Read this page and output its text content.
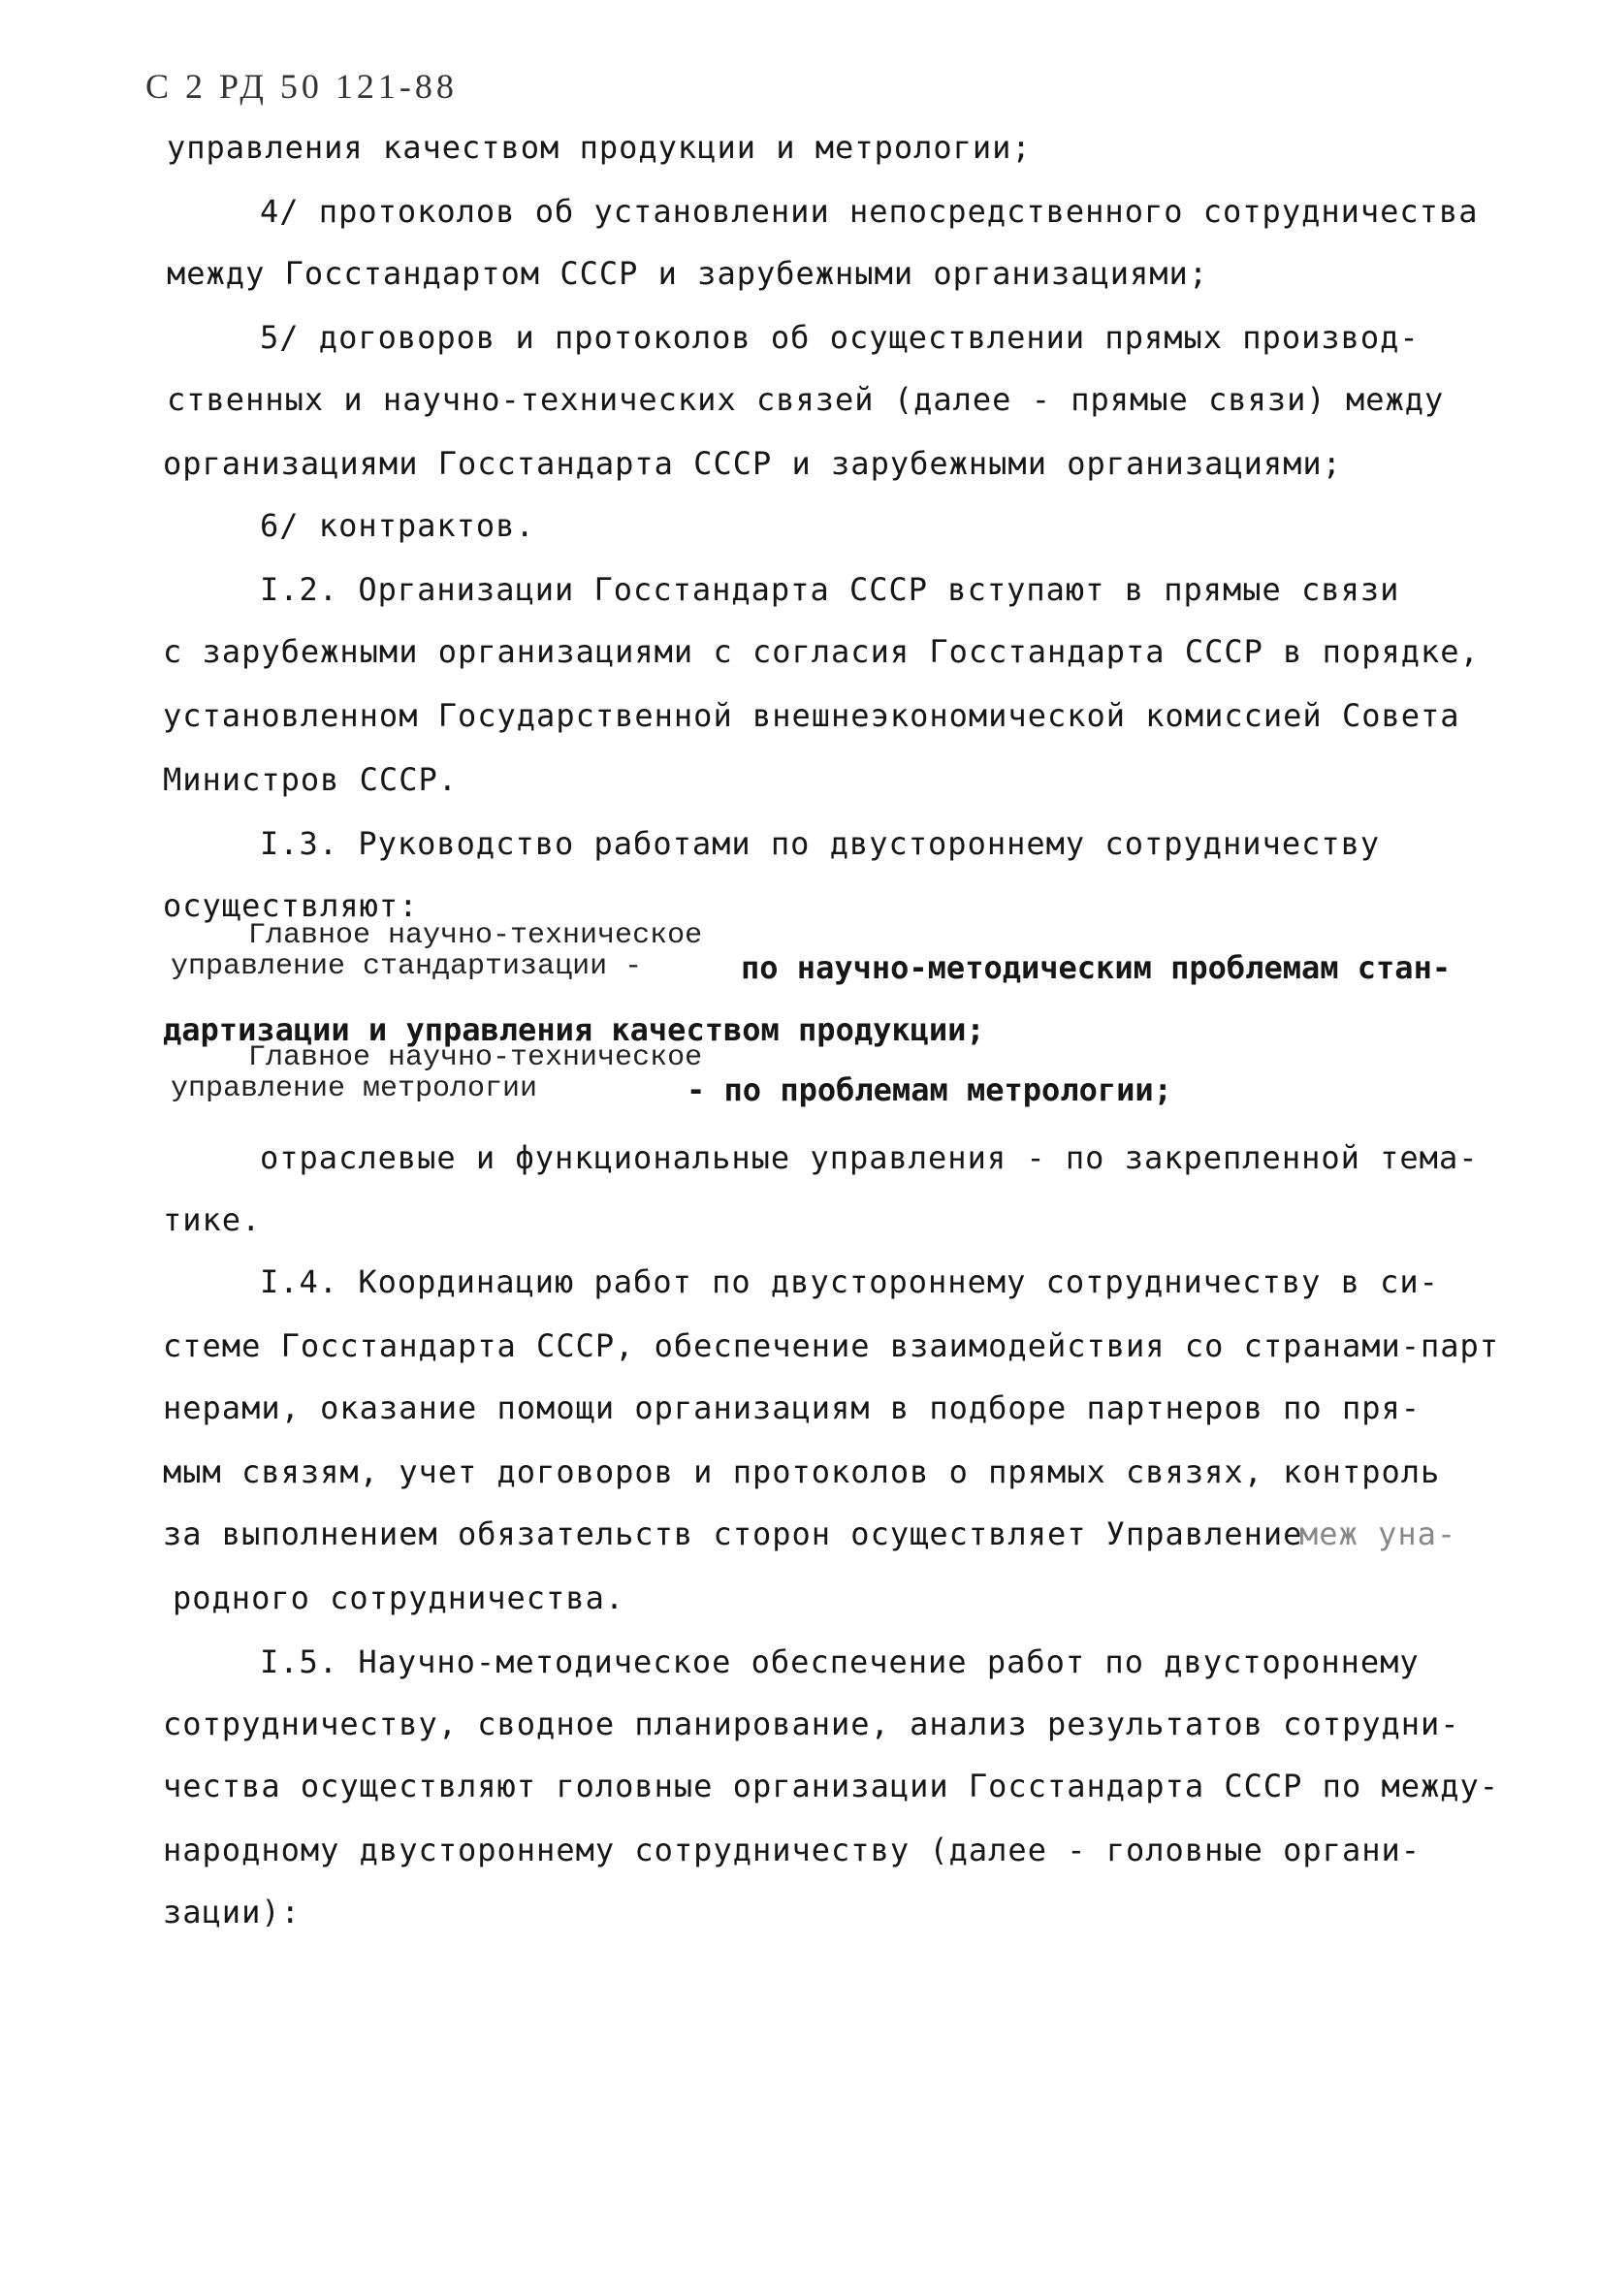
С 2 РД 50 121-88
управления качеством продукции и метрологии;
4/ протоколов об установлении непосредственного сотрудничества
между Госстандартом СССР и зарубежными организациями;
5/ договоров и протоколов об осуществлении прямых производ-
ственных и научно-технических связей (далее - прямые связи) между
организациями Госстандарта СССР и зарубежными организациями;
6/ контрактов.
I.2. Организации Госстандарта СССР вступают в прямые связи
с зарубежными организациями с согласия Госстандарта СССР в порядке,
установленном Государственной внешнеэкономической комиссией Совета
Министров СССР.
I.3. Руководство работами по двустороннему сотрудничеству
осуществляют:
Главное научно-техническое
управление стандартизации -	по научно-методическим проблемам стан-
дартизации и управления качеством продукции;
Главное научно-техническое
управление метрологии	- по проблемам метрологии;
отраслевые и функциональные управления - по закрепленной тема-
тике.
I.4. Координацию работ по двустороннему сотрудничеству в си-
стеме Госстандарта СССР, обеспечение взаимодействия со странами-парт
нерами, оказание помощи организациям в подборе партнеров по пря-
мым связям, учет договоров и протоколов о прямых связях, контроль
за выполнением обязательств сторон осуществляет Управление
меж уна-
родного сотрудничества.
I.5. Научно-методическое обеспечение работ по двустороннему
сотрудничеству, сводное планирование, анализ результатов сотрудни-
чества осуществляют головные организации Госстандарта СССР по между-
народному двустороннему сотрудничеству (далее - головные органи-
зации):
